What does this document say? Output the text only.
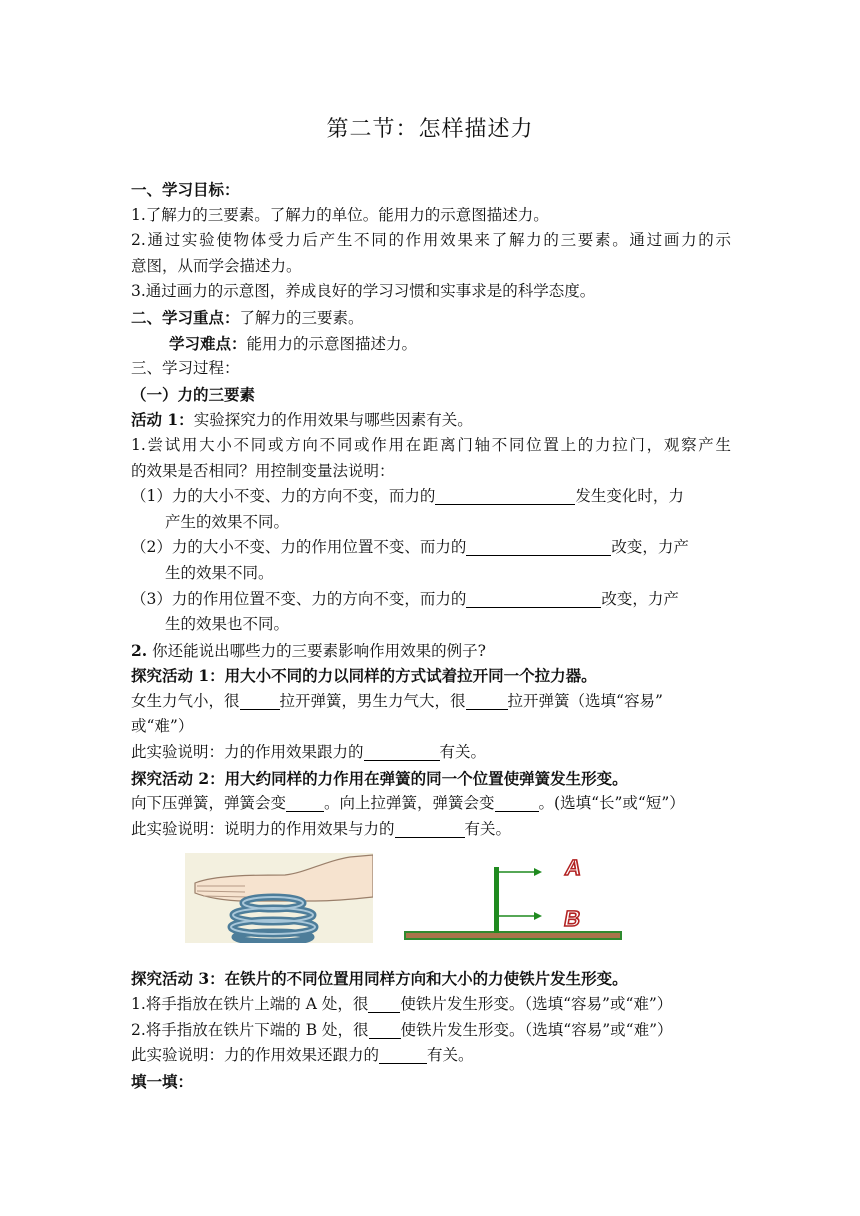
第二节：怎样描述力
一、学习目标：
1.了解力的三要素。了解力的单位。能用力的示意图描述力。
2.通过实验使物体受力后产生不同的作用效果来了解力的三要素。通过画力的示
意图，从而学会描述力。
3.通过画力的示意图，养成良好的学习习惯和实事求是的科学态度。
二、学习重点：了解力的三要素。
学习难点：能用力的示意图描述力。
三、学习过程：
（一）力的三要素
活动 1：实验探究力的作用效果与哪些因素有关。
1.尝试用大小不同或方向不同或作用在距离门轴不同位置上的力拉门，观察产生
的效果是否相同？用控制变量法说明：
（1）力的大小不变、力的方向不变，而力的	发生变化时，力
产生的效果不同。
（2）力的大小不变、力的作用位置不变、而力的	改变，力产
生的效果不同。
（3）力的作用位置不变、力的方向不变，而力的	改变，力产
生的效果也不同。
2. 你还能说出哪些力的三要素影响作用效果的例子?
探究活动 1：用大小不同的力以同样的方式试着拉开同一个拉力器。
女生力气小，很	拉开弹簧，男生力气大，很	拉开弹簧（选填“容易”
或“难”）
此实验说明：力的作用效果跟力的	有关。
探究活动 2：用大约同样的力作用在弹簧的同一个位置使弹簧发生形变。
向下压弹簧，弹簧会变 。向上拉弹簧，弹簧会变	。(选填“长”或“短”）
此实验说明：说明力的作用效果与力的	有关。
探究活动 3：在铁片的不同位置用同样方向和大小的力使铁片发生形变。
1.将手指放在铁片上端的 A 处，很 使铁片发生形变。（选填“容易”或“难”）
2.将手指放在铁片下端的 B 处，很 使铁片发生形变。（选填“容易”或“难”）
此实验说明：力的作用效果还跟力的	有关。
填一填：
A
B
